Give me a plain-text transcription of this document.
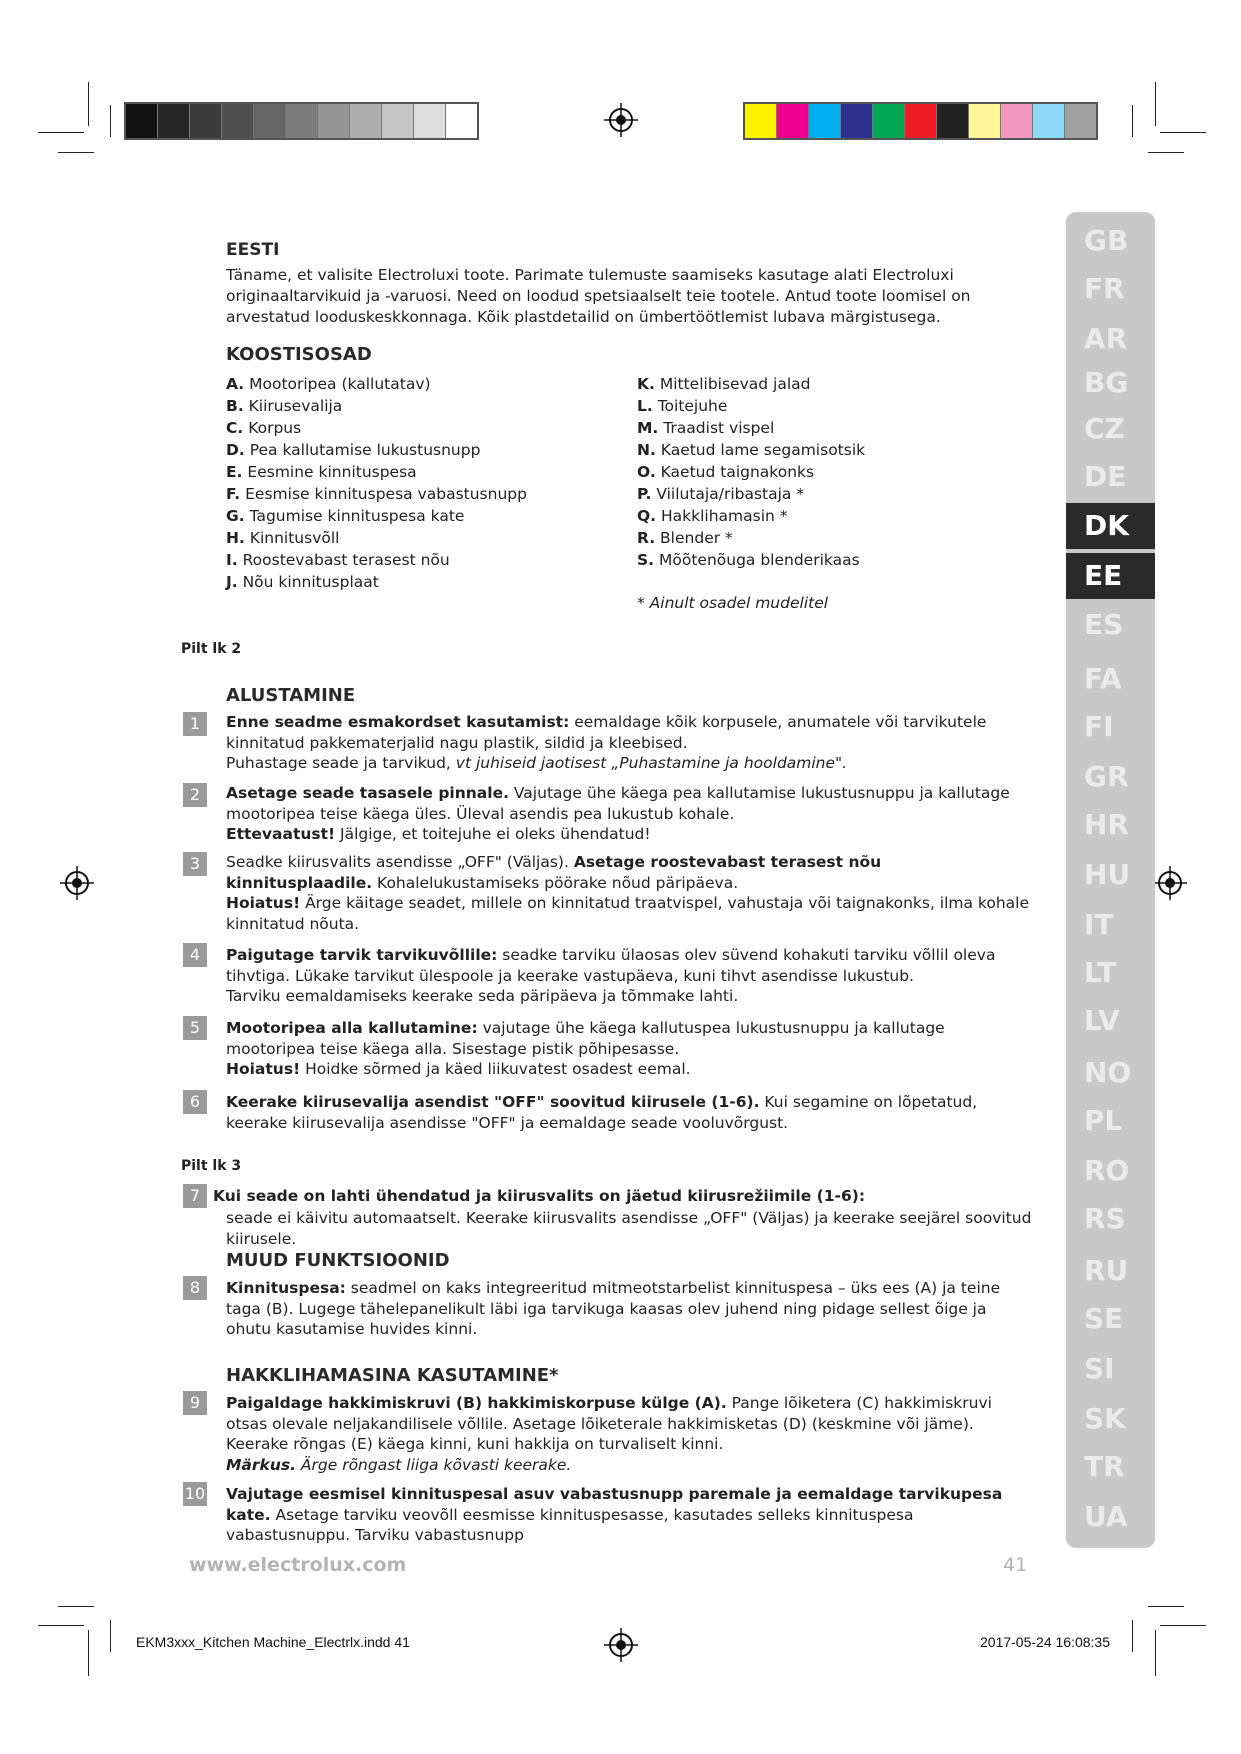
GB
FR
AR
BG
CZ
DE
DK
EE
ES
FA
FI
GR
HR
HU
IT
LT
LV
NO
PL
RO
RS
RU
SE
SI
SK
TR
UA
EESTI
Täname, et valisite Electroluxi toote. Parimate tulemuste saamiseks kasutage alati Electroluxi originaaltarvikuid ja -varuosi. Need on loodud spetsiaalselt teie tootele. Antud toote loomisel on arvestatud looduskeskkonnaga. Kõik plastdetailid on ümbertöötlemist lubava märgistusega.
KOOSTISOSAD
A. Mootoripea (kallutatav)
B. Kiirusevalija
C. Korpus
D. Pea kallutamise lukustusnupp
E. Eesmine kinnituspesa
F. Eesmise kinnituspesa vabastusnupp
G. Tagumise kinnituspesa kate
H. Kinnitusvõll
I. Roostevabast terasest nõu
J. Nõu kinnitusplaat
K. Mittelibisevad jalad
L. Toitejuhe
M. Traadist vispel
N. Kaetud lame segamisotsik
O. Kaetud taignakonks
P. Viilutaja/ribastaja *
Q. Hakklihamasin *
R. Blender *
S. Mõõtenõuga blenderikaas
* Ainult osadel mudelitel
Pilt lk 2
ALUSTAMINE
1	Enne seadme esmakordset kasutamist: eemaldage kõik korpusele, anumatele või tarvikutele kinnitatud pakkematerjalid nagu plastik, sildid ja kleebised.
Puhastage seade ja tarvikud, vt juhiseid jaotisest „Puhastamine ja hooldamine".
2	Asetage seade tasasele pinnale. Vajutage ühe käega pea kallutamise lukustusnuppu ja kallutage mootoripea teise käega üles. Üleval asendis pea lukustub kohale.
Ettevaatust! Jälgige, et toitejuhe ei oleks ühendatud!
3	Seadke kiirusvalits asendisse „OFF" (Väljas). Asetage roostevabast terasest nõu kinnitusplaadile. Kohalelukustamiseks pöörake nõud päripäeva.
Hoiatus! Ärge käitage seadet, millele on kinnitatud traatvispel, vahustaja või taignakonks, ilma kohale kinnitatud nõuta.
4	Paigutage tarvik tarvikuvõllile: seadke tarviku ülaosas olev süvend kohakuti tarviku võllil oleva tihvtiga. Lükake tarvikut ülespoole ja keerake vastupäeva, kuni tihvt asendisse lukustub.
Tarviku eemaldamiseks keerake seda päripäeva ja tõmmake lahti.
5	Mootoripea alla kallutamine: vajutage ühe käega kallutuspea lukustusnuppu ja kallutage mootoripea teise käega alla. Sisestage pistik põhipesasse.
Hoiatus! Hoidke sõrmed ja käed liikuvatest osadest eemal.
6	Keerake kiirusevalija asendist "OFF" soovitud kiirusele (1-6). Kui segamine on lõpetatud, keerake kiirusevalija asendisse "OFF" ja eemaldage seade vooluvõrgust.
Pilt lk 3
7 Kui seade on lahti ühendatud ja kiirusvalits on jäetud kiirusrežiimile (1-6):
seade ei käivitu automaatselt. Keerake kiirusvalits asendisse „OFF" (Väljas) ja keerake seejärel soovitud kiirusele.
MUUD FUNKTSIOONID
8	Kinnituspesa: seadmel on kaks integreeritud mitmeotstarbelist kinnituspesa – üks ees (A) ja teine taga (B). Lugege tähelepanelikult läbi iga tarvikuga kaasas olev juhend ning pidage sellest õige ja ohutu kasutamise huvides kinni.
HAKKLIHAMASINA KASUTAMINE*
9	Paigaldage hakkimiskruvi (B) hakkimiskorpuse külge (A). Pange lõiketera (C) hakkimiskruvi otsas olevale neljakandilisele võllile. Asetage lõiketerale hakkimisketas (D) (keskmine või jäme). Keerake rõngas (E) käega kinni, kuni hakkija on turvaliselt kinni.
Märkus. Ärge rõngast liiga kõvasti keerake.
10 Vajutage eesmisel kinnituspesal asuv vabastusnupp paremale ja eemaldage tarvikupesa kate. Asetage tarviku veovõll eesmisse kinnituspesasse, kasutades selleks kinnituspesa vabastusnuppu. Tarviku vabastusnupp
www.electrolux.com	41
EKM3xxx_Kitchen Machine_Electrlx.indd 41	2017-05-24 16:08:35
